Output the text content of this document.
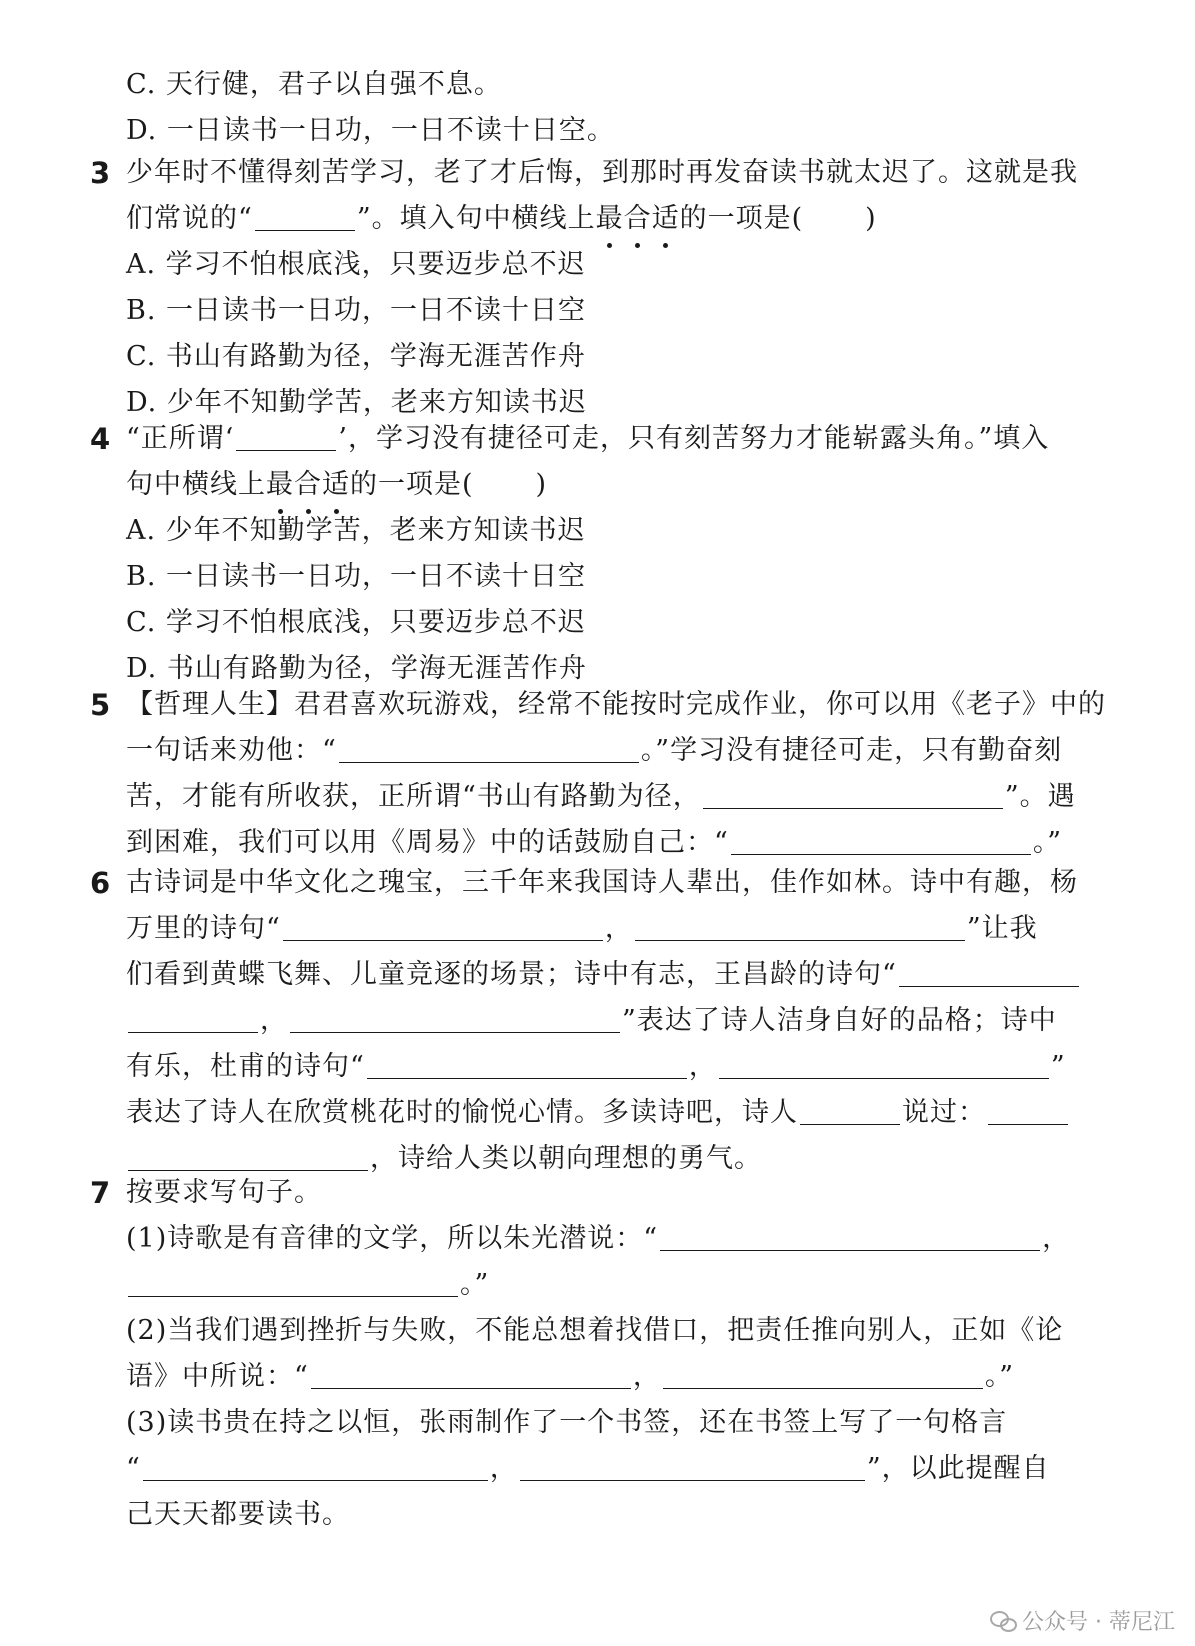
C. 天行健，君子以自强不息。
D. 一日读书一日功，一日不读十日空。
3 少年时不懂得刻苦学习，老了才后悔，到那时再发奋读书就太迟了。这就是我
们常说的“	”。填入句中横线上最合适的一项是( )
A. 学习不怕根底浅，只要迈步总不迟
B. 一日读书一日功，一日不读十日空
C. 书山有路勤为径，学海无涯苦作舟
D. 少年不知勤学苦，老来方知读书迟
4 “正所谓‘	’，学习没有捷径可走，只有刻苦努力才能崭露头角。”填入
句中横线上最合适的一项是( )
A. 少年不知勤学苦，老来方知读书迟
B. 一日读书一日功，一日不读十日空
C. 学习不怕根底浅，只要迈步总不迟
D. 书山有路勤为径，学海无涯苦作舟
5 【哲理人生】君君喜欢玩游戏，经常不能按时完成作业，你可以用《老子》中的
一句话来劝他：“	。”学习没有捷径可走，只有勤奋刻
苦，才能有所收获，正所谓“书山有路勤为径，	”。遇
到困难，我们可以用《周易》中的话鼓励自己：“	。”
6 古诗词是中华文化之瑰宝，三千年来我国诗人辈出，佳作如林。诗中有趣，杨
万里的诗句“	，	”让我
们看到黄蝶飞舞、儿童竞逐的场景；诗中有志，王昌龄的诗句“
，	”表达了诗人洁身自好的品格；诗中
有乐，杜甫的诗句“	，	”
表达了诗人在欣赏桃花时的愉悦心情。多读诗吧，诗人	说过：
，诗给人类以朝向理想的勇气。
7 按要求写句子。
(1)诗歌是有音律的文学，所以朱光潜说：“	，
。”
(2)当我们遇到挫折与失败，不能总想着找借口，把责任推向别人，正如《论
语》中所说：“	，	。”
(3)读书贵在持之以恒，张雨制作了一个书签，还在书签上写了一句格言
“	，	”，以此提醒自
己天天都要读书。
公众号 · 蒂尼江
